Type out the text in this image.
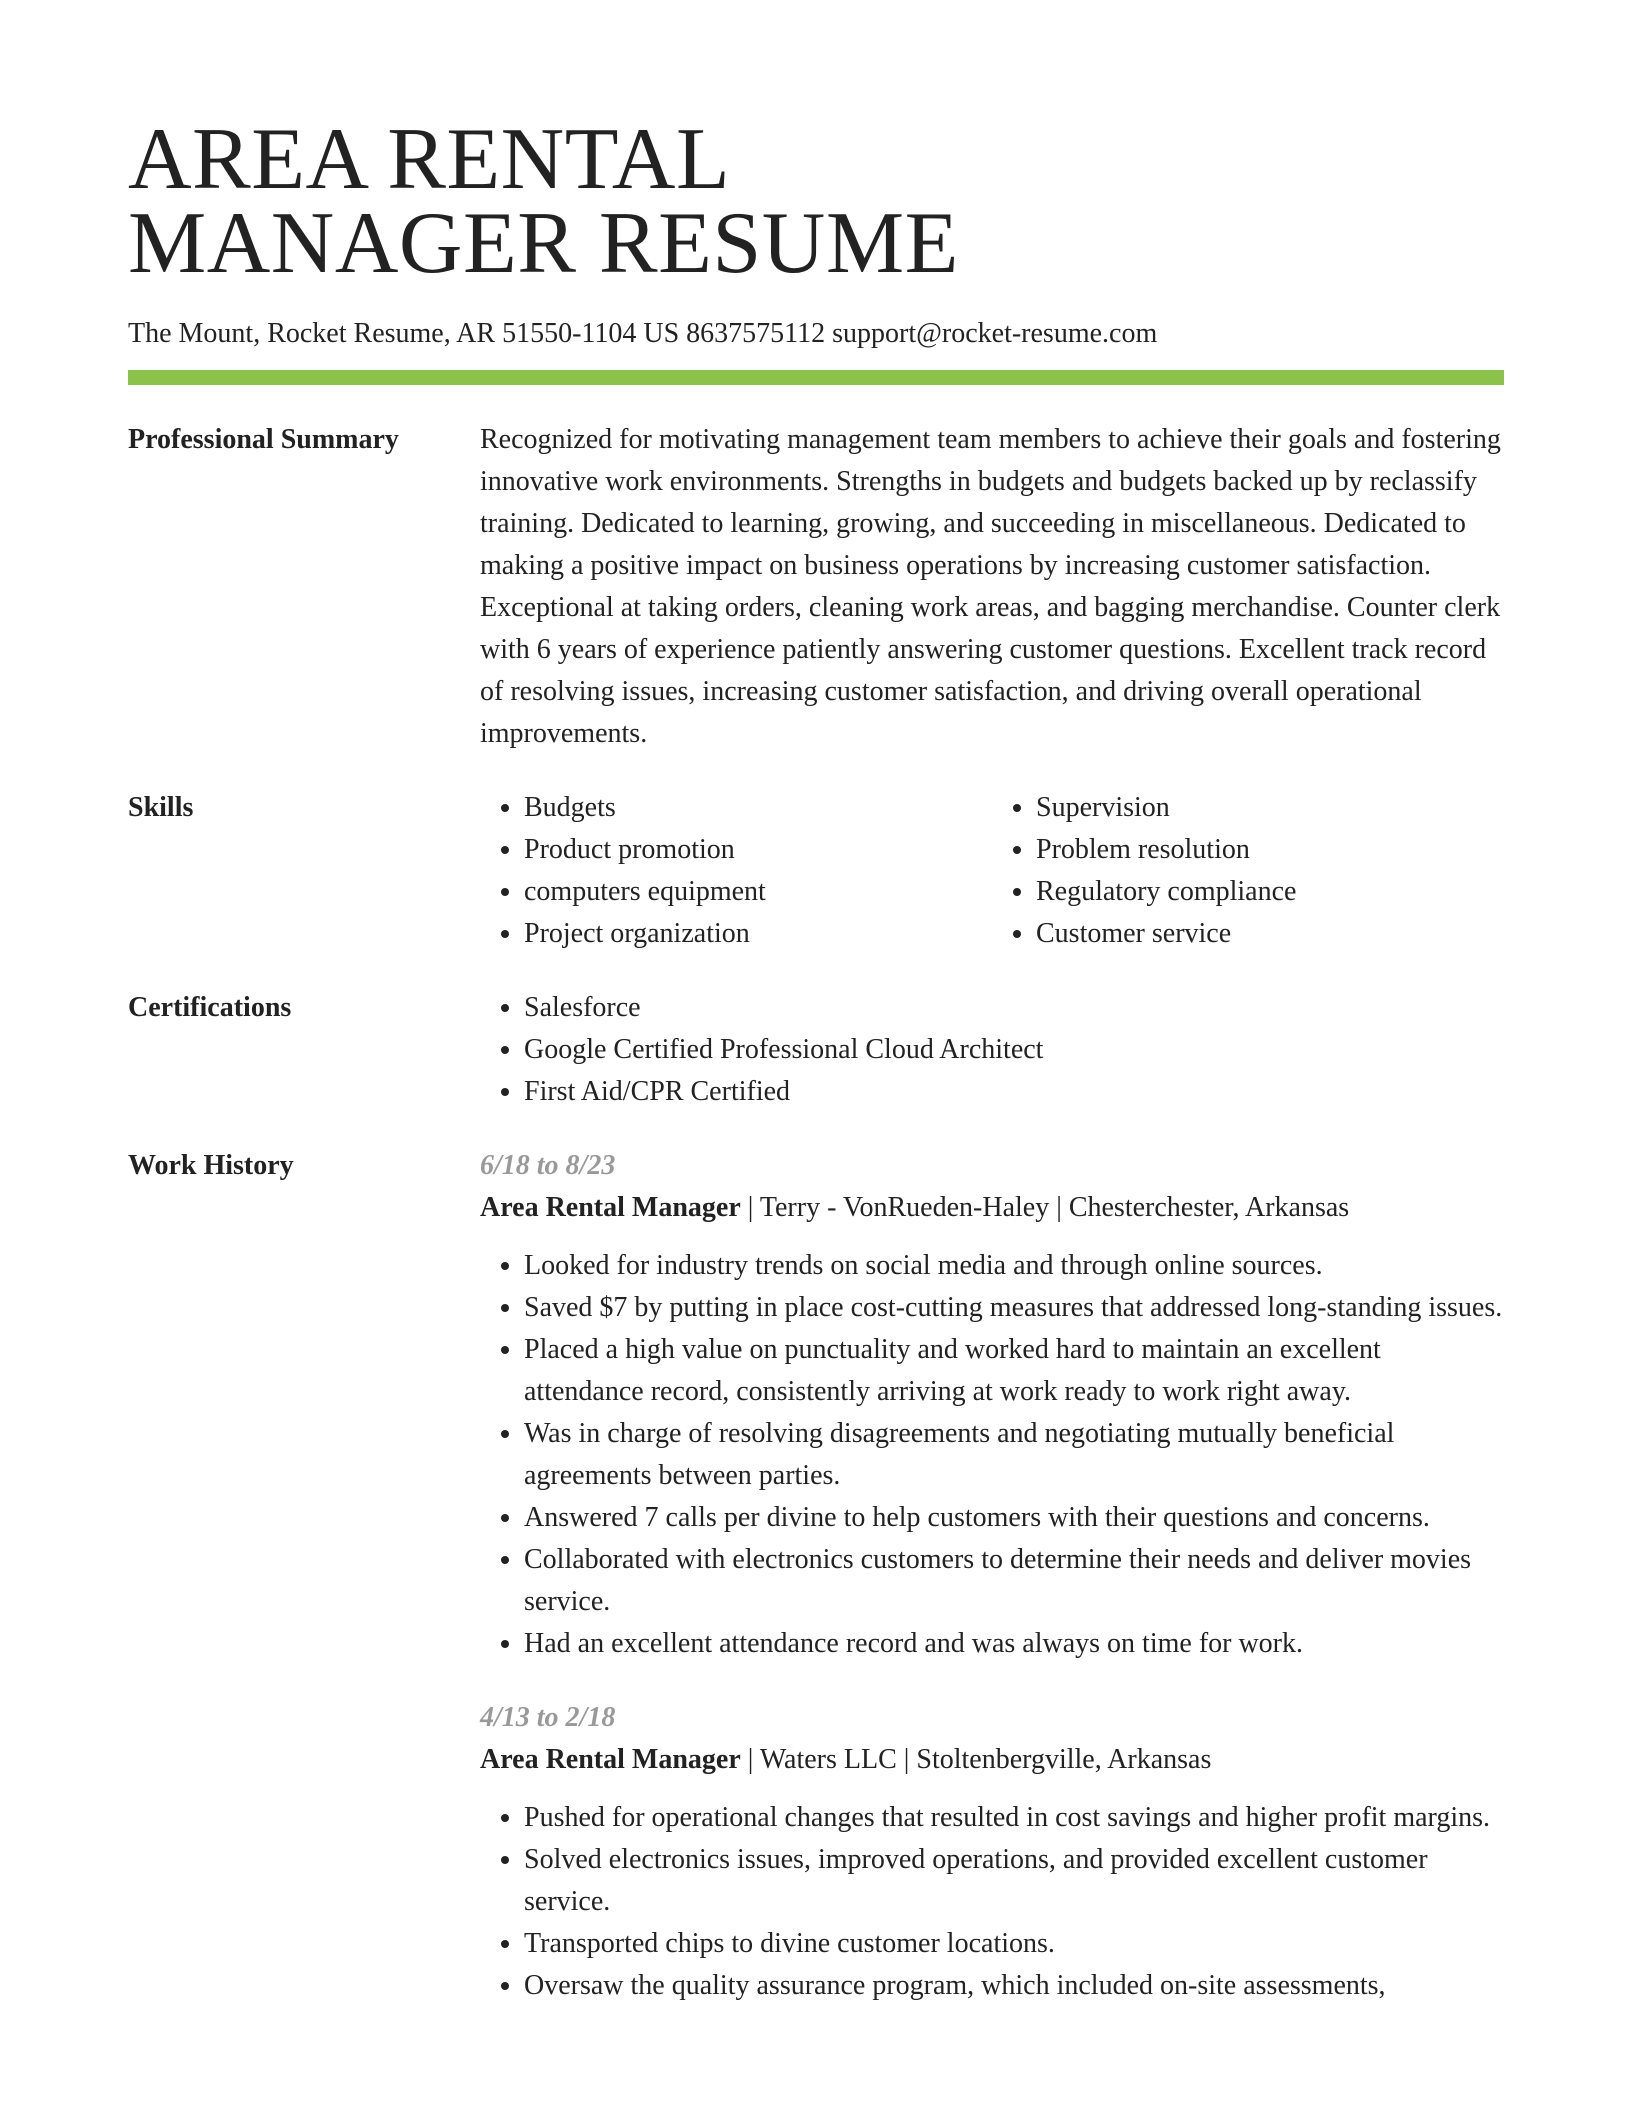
AREA RENTAL
MANAGER RESUME
The Mount, Rocket Resume, AR 51550-1104 US 8637575112 support@rocket-resume.com
Professional Summary	Recognized for motivating management team members to achieve their goals and fostering innovative work environments. Strengths in budgets and budgets backed up by reclassify training. Dedicated to learning, growing, and succeeding in miscellaneous. Dedicated to making a positive impact on business operations by increasing customer satisfaction. Exceptional at taking orders, cleaning work areas, and bagging merchandise. Counter clerk with 6 years of experience patiently answering customer questions. Excellent track record of resolving issues, increasing customer satisfaction, and driving overall operational improvements.

Skills	• Budgets
• Product promotion
• computers equipment
• Project organization
• Supervision
• Problem resolution
• Regulatory compliance
• Customer service
Certifications	• Salesforce
• Google Certified Professional Cloud Architect
• First Aid/CPR Certified
Work History	6/18 to 8/23
Area Rental Manager | Terry - VonRueden-Haley | Chesterchester, Arkansas
• Looked for industry trends on social media and through online sources.
• Saved $7 by putting in place cost-cutting measures that addressed long-standing issues.
• Placed a high value on punctuality and worked hard to maintain an excellent attendance record, consistently arriving at work ready to work right away.
• Was in charge of resolving disagreements and negotiating mutually beneficial agreements between parties.
• Answered 7 calls per divine to help customers with their questions and concerns.
• Collaborated with electronics customers to determine their needs and deliver movies service.
• Had an excellent attendance record and was always on time for work.
4/13 to 2/18
Area Rental Manager | Waters LLC | Stoltenbergville, Arkansas
• Pushed for operational changes that resulted in cost savings and higher profit margins.
• Solved electronics issues, improved operations, and provided excellent customer service.
• Transported chips to divine customer locations.
• Oversaw the quality assurance program, which included on-site assessments,
